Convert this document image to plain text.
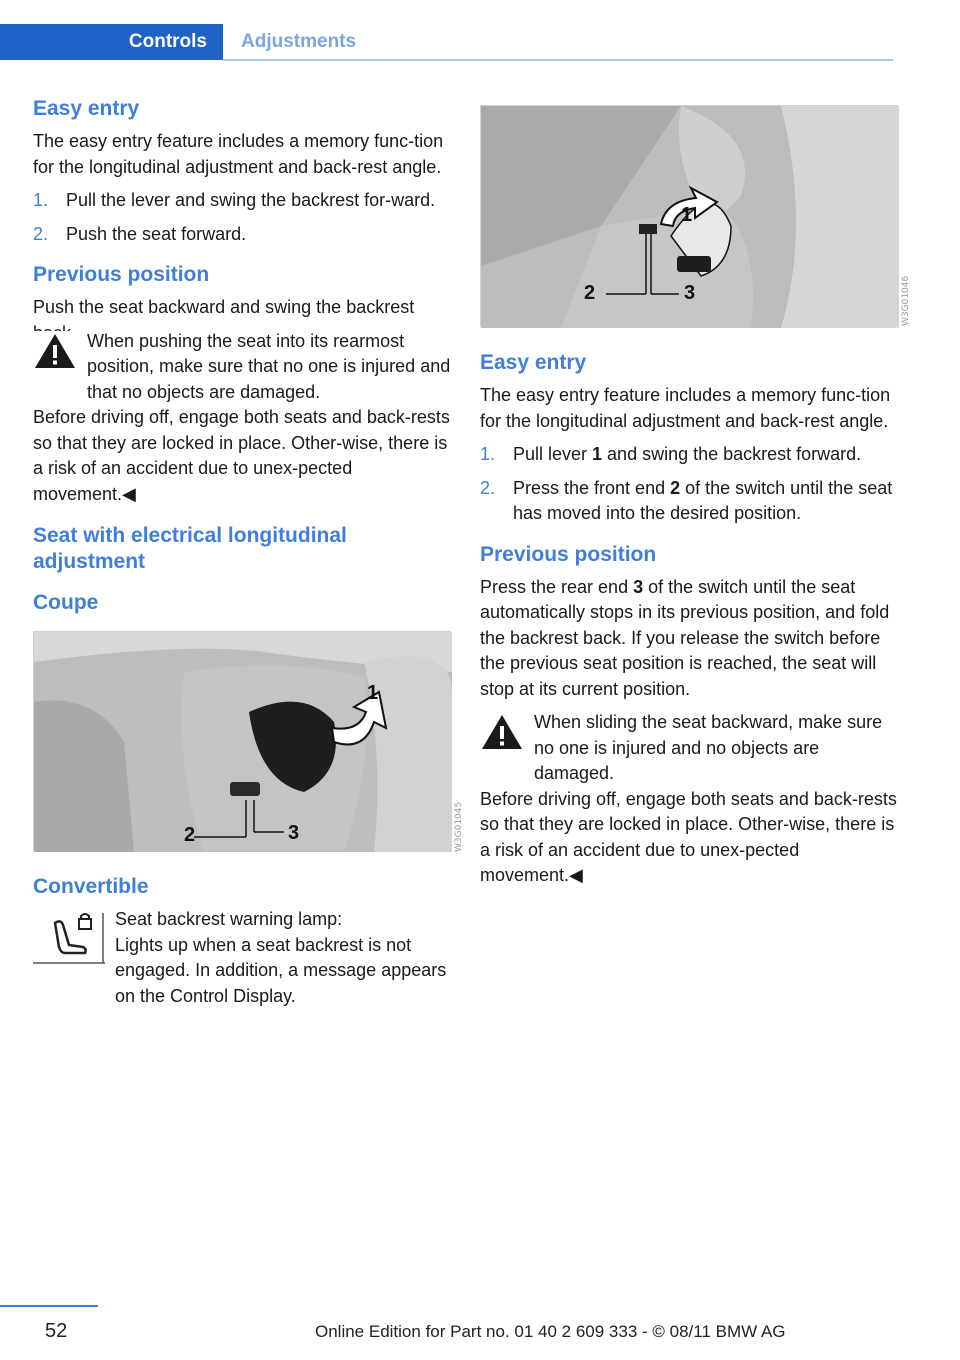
Controls Adjustments
Easy entry

The easy entry feature includes a memory func-tion for the longitudinal adjustment and back-rest angle.

1. Pull the lever and swing the backrest for-ward.
2. Push the seat forward.
Previous position

Push the seat backward and swing the backrest

When pushing the seat into its rearmost position, make sure that no one is injured and that no objects are damaged.

Before driving off, engage both seats and back-rests so that they are locked in place. Other-wise, there is a risk of an accident due to unex-pected movement.◀

Seat with electrical longitudinal adjustment
Coupe
2	3
1
W3G01045
Convertible
Seat backrest warning lamp:
Lights up when a seat backrest is not engaged. In addition, a message appears on the Control Display.
2	3
1
W3G01046
Easy entry

The easy entry feature includes a memory func-tion for the longitudinal adjustment and back-rest angle.

1. Pull lever 1 and swing the backrest forward.
2. Press the front end 2 of the switch until the seat has moved into the desired position.
Previous position

Press the rear end 3 of the switch until the seat automatically stops in its previous position, and fold the backrest back. If you release the switch before the previous seat position is reached, the seat will stop at its current position.

When sliding the seat backward, make sure no one is injured and no objects are damaged.

Before driving off, engage both seats and back-rests so that they are locked in place. Other-wise, there is a risk of an accident due to unex-pected movement.◀

52	Online Edition for Part no. 01 40 2 609 333 - © 08/11 BMW AG
